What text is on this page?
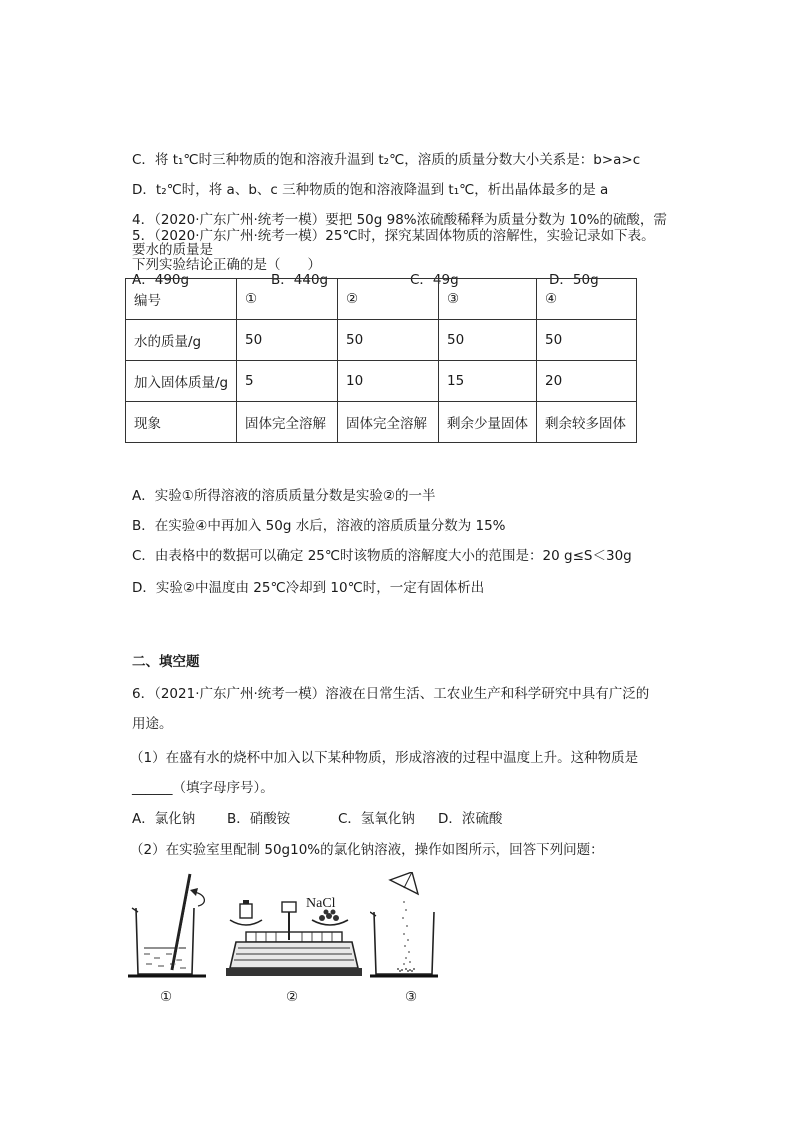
C．将 t₁℃时三种物质的饱和溶液升温到 t₂℃，溶质的质量分数大小关系是：b>a>c
D．t₂℃时，将 a、b、c 三种物质的饱和溶液降温到 t₁℃，析出晶体最多的是 a
4．（2020·广东广州·统考一模）要把 50g 98%浓硫酸稀释为质量分数为 10%的硫酸，需
要水的质量是
A．490g	B．440g	C．49g	D．50g
5．（2020·广东广州·统考一模）25℃时，探究某固体物质的溶解性，实验记录如下表。
下列实验结论正确的是（　　）
编号	①	②	③	④
水的质量/g	50	50	50	50
加入固体质量/g	5	10	15	20
现象	固体完全溶解	固体完全溶解	剩余少量固体	剩余较多固体
A．实验①所得溶液的溶质质量分数是实验②的一半
B．在实验④中再加入 50g 水后，溶液的溶质质量分数为 15%
C．由表格中的数据可以确定 25℃时该物质的溶解度大小的范围是：20 g≤S＜30g
D．实验②中温度由 25℃冷却到 10℃时，一定有固体析出
二、填空题
6．（2021·广东广州·统考一模）溶液在日常生活、工农业生产和科学研究中具有广泛的
用途。
（1）在盛有水的烧杯中加入以下某种物质，形成溶液的过程中温度上升。这种物质是
______（填字母序号）。
A．氯化钠 B．硝酸铵	C．氢氧化钠 D．浓硫酸
（2）在实验室里配制 50g10%的氯化钠溶液，操作如图所示，回答下列问题：
①
NaCl
②	③
